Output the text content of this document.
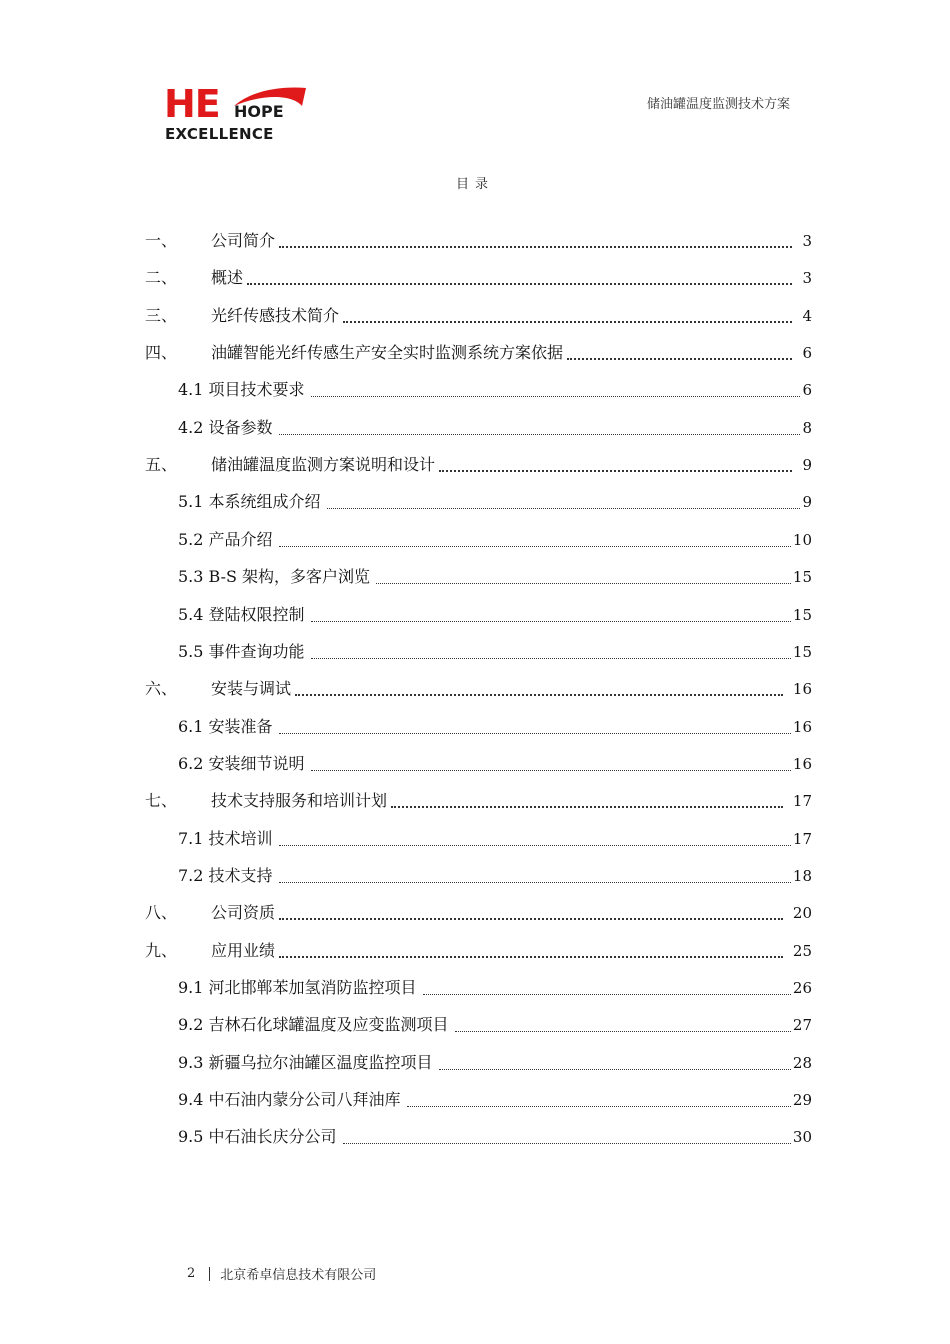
HE HOPE
EXCELLENCE
储油罐温度监测技术方案
目录
一、	公司简介	3
二、	概述	3
三、	光纤传感技术简介	4
四、	油罐智能光纤传感生产安全实时监测系统方案依据	6
4.1 项目技术要求	6
4.2 设备参数	8
五、	储油罐温度监测方案说明和设计	9
5.1 本系统组成介绍	9
5.2 产品介绍	10
5.3 B-S 架构，多客户浏览	15
5.4 登陆权限控制	15
5.5 事件查询功能	15
六、	安装与调试	16
6.1 安装准备	16
6.2 安装细节说明	16
七、	技术支持服务和培训计划	17
7.1 技术培训	17
7.2 技术支持	18
八、	公司资质	20
九、	应用业绩	25
9.1 河北邯郸苯加氢消防监控项目	26
9.2 吉林石化球罐温度及应变监测项目	27
9.3 新疆乌拉尔油罐区温度监控项目	28
9.4 中石油内蒙分公司八拜油库	29
9.5 中石油长庆分公司	30
2 北京希卓信息技术有限公司
